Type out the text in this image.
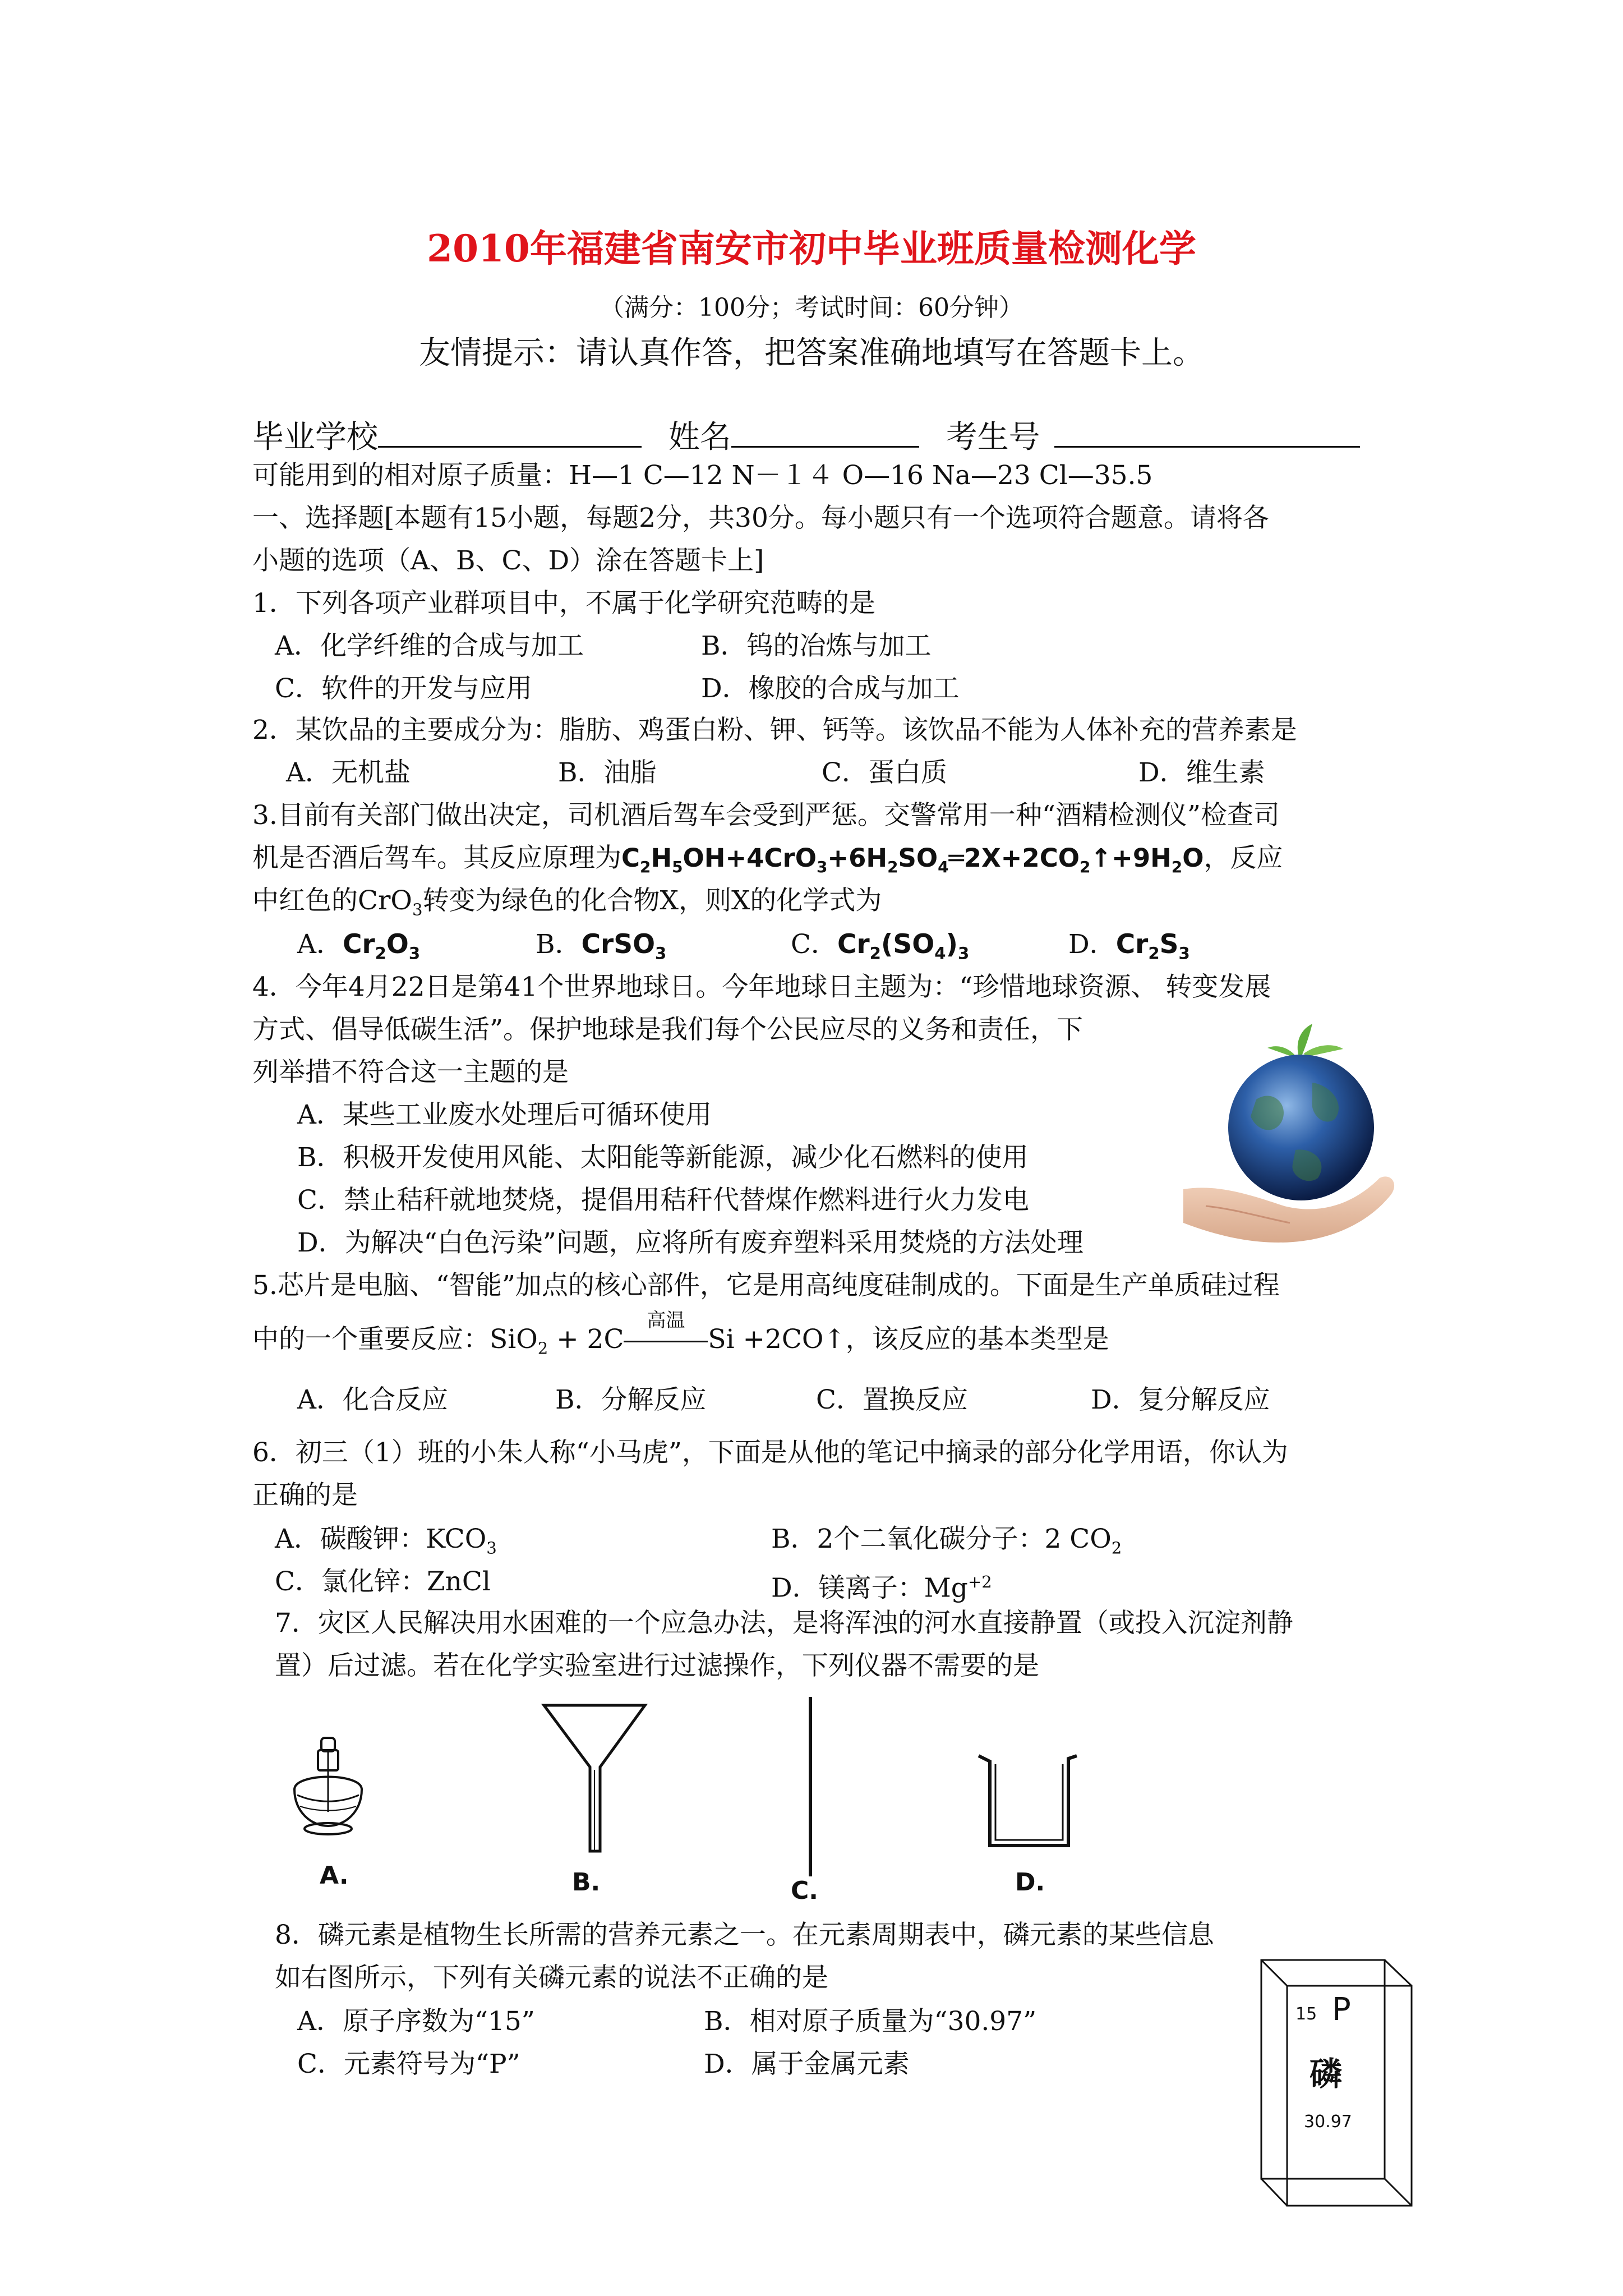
2010年福建省南安市初中毕业班质量检测化学
（满分：100分；考试时间：60分钟）
友情提示：请认真作答，把答案准确地填写在答题卡上。
毕业学校	姓名	考生号
可能用到的相对原子质量：H—1 C—12 N－１４ O—16 Na—23 Cl—35.5
一、选择题[本题有15小题，每题2分，共30分。每小题只有一个选项符合题意。请将各
小题的选项（A、B、C、D）涂在答题卡上]
1．下列各项产业群项目中，不属于化学研究范畴的是
A．化学纤维的合成与加工	B．钨的冶炼与加工
C．软件的开发与应用	D．橡胶的合成与加工
2．某饮品的主要成分为：脂肪、鸡蛋白粉、钾、钙等。该饮品不能为人体补充的营养素是
A．无机盐	B．油脂	C．蛋白质	D．维生素
3.目前有关部门做出决定，司机酒后驾车会受到严惩。交警常用一种“酒精检测仪”检查司
机是否酒后驾车。其反应原理为$C_2H_5OH+4CrO_3+6H_2SO_4═2X+2CO_2↑+9H_2O$，反应
中红色的CrO$_3$转变为绿色的化合物X，则X的化学式为
A．$Cr_2O_3$	B．CrSO$_3$	C．$Cr_2(SO_4)_3$	D．$Cr_2S_3$
4．今年4月22日是第41个世界地球日。今年地球日主题为：“珍惜地球资源、 转变发展
方式、倡导低碳生活”。保护地球是我们每个公民应尽的义务和责任，下
列举措不符合这一主题的是
A．某些工业废水处理后可循环使用
B．积极开发使用风能、太阳能等新能源，减少化石燃料的使用
C．禁止秸秆就地焚烧，提倡用秸秆代替煤作燃料进行火力发电
D．为解决“白色污染”问题，应将所有废弃塑料采用焚烧的方法处理
5.芯片是电脑、“智能”加点的核心部件，它是用高纯度硅制成的。下面是生产单质硅过程
中的一个重要反应：SiO$_2$ + 2C
高温
Si +2CO↑，该反应的基本类型是
A．化合反应	B．分解反应	C．置换反应	D．复分解反应
6．初三（1）班的小朱人称“小马虎”，下面是从他的笔记中摘录的部分化学用语，你认为
正确的是
A．碳酸钾：$KCO_3$	B．2个二氧化碳分子：2 $CO_2$
C．氯化锌：ZnCl	D．镁离子：$Mg^{+2}$
7．灾区人民解决用水困难的一个应急办法，是将浑浊的河水直接静置（或投入沉淀剂静
置）后过滤。若在化学实验室进行过滤操作，下列仪器不需要的是
A.	B.	C.	D.
8．磷元素是植物生长所需的营养元素之一。在元素周期表中，磷元素的某些信息
如右图所示，下列有关磷元素的说法不正确的是
A．原子序数为“15”	B．相对原子质量为“30.97”
C．元素符号为“P”	D．属于金属元素
15 P
磷
30.97
